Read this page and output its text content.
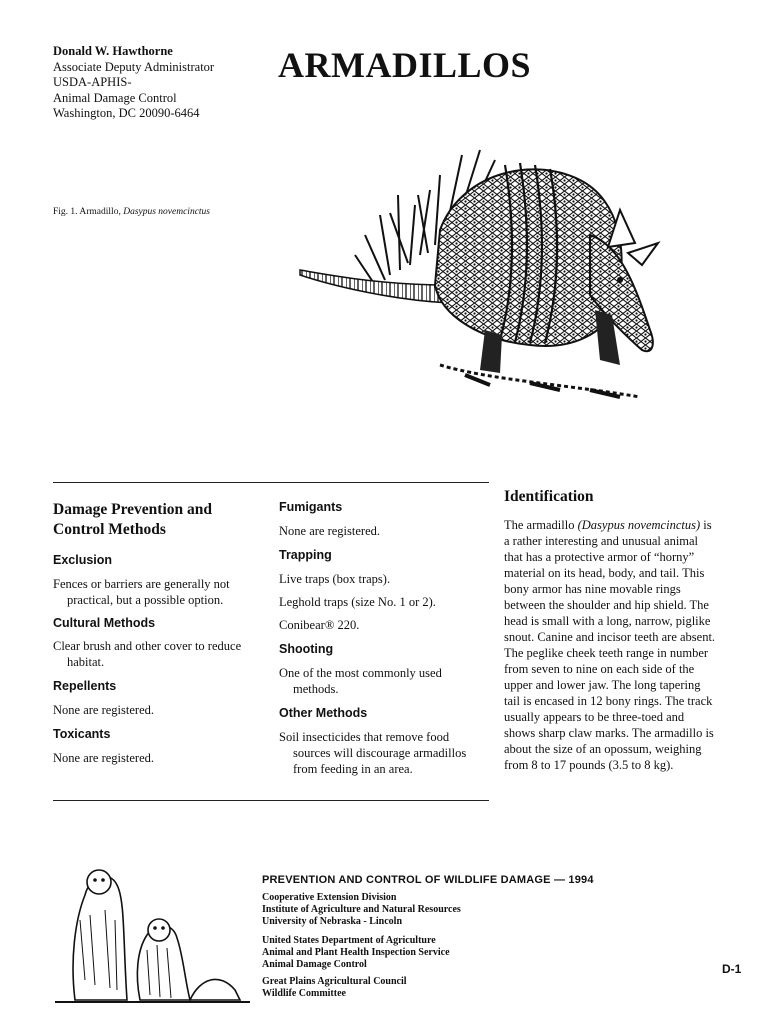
Donald W. Hawthorne
Associate Deputy Administrator
USDA-APHIS-
Animal Damage Control
Washington, DC 20090-6464
ARMADILLOS
Fig. 1. Armadillo, Dasypus novemcinctus
Damage Prevention and Control Methods
Exclusion

Fences or barriers are generally not practical, but a possible option.

Cultural Methods

Clear brush and other cover to reduce habitat.

Repellents

None are registered.

Toxicants

None are registered.

Fumigants

None are registered.

Trapping

Live traps (box traps).

Leghold traps (size No. 1 or 2).

Conibear® 220.

Shooting

One of the most commonly used methods.

Other Methods

Soil insecticides that remove food sources will discourage armadillos from feeding in an area.

Identification

The armadillo (Dasypus novemcinctus) is a rather interesting and unusual animal that has a protective armor of “horny” material on its head, body, and tail. This bony armor has nine movable rings between the shoulder and hip shield. The head is small with a long, narrow, piglike snout. Canine and incisor teeth are absent. The peglike cheek teeth range in number from seven to nine on each side of the upper and lower jaw. The long tapering tail is encased in 12 bony rings. The track usually appears to be three-toed and shows sharp claw marks. The armadillo is about the size of an opossum, weighing from 8 to 17 pounds (3.5 to 8 kg).

PREVENTION AND CONTROL OF WILDLIFE DAMAGE — 1994
Cooperative Extension Division
Institute of Agriculture and Natural Resources
University of Nebraska - Lincoln
United States Department of Agriculture
Animal and Plant Health Inspection Service
Animal Damage Control
Great Plains Agricultural Council
Wildlife Committee
D-1
